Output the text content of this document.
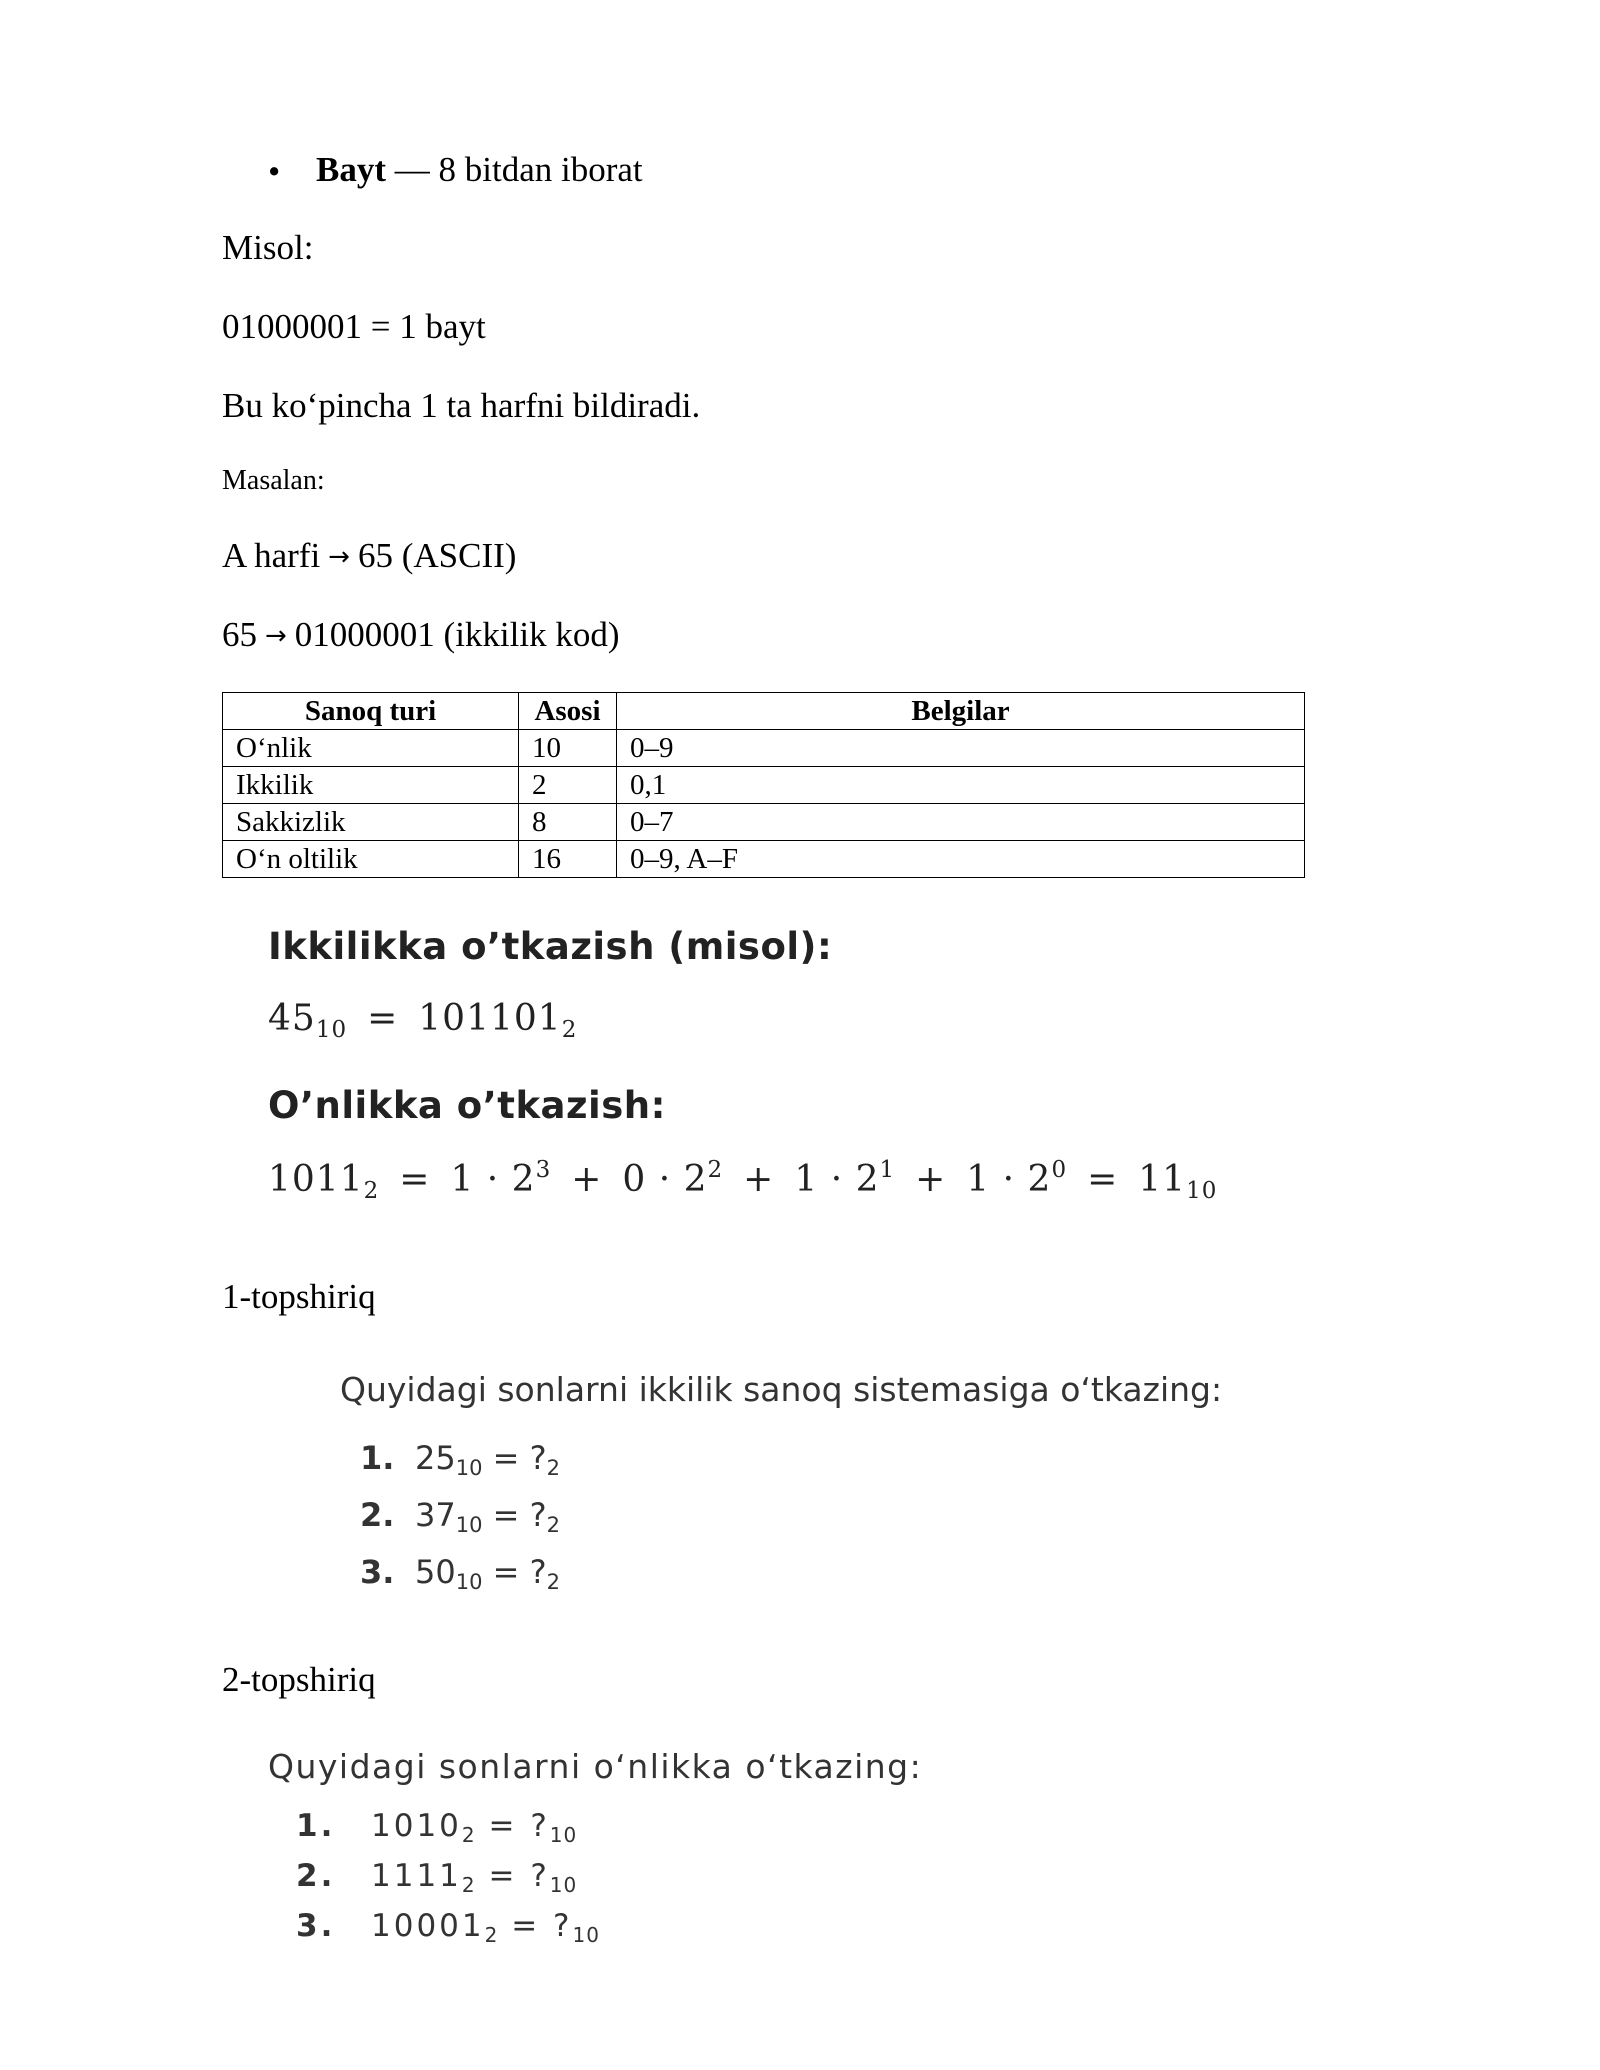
• Bayt — 8 bitdan iborat
Misol:
01000001 = 1 bayt
Bu ko‘pincha 1 ta harfni bildiradi.
Masalan:
A harfi → 65 (ASCII)
65 → 01000001 (ikkilik kod)
Sanoq turi	Asosi	Belgilar
O‘nlik	10	0–9
Ikkilik	2	0,1
Sakkizlik	8	0–7
O‘n oltilik	16	0–9, A–F
Ikkilikka o’tkazish (misol):
$45_{10} = 101101_2$
O’nlikka o’tkazish:
$1011_2 = 1 \cdot 2^3 + 0 \cdot 2^2 + 1 \cdot 2^1 + 1 \cdot 2^0 = 11_{10}$
1-topshiriq
Quyidagi sonlarni ikkilik sanoq sistemasiga o‘tkazing:
1. $25_{10}$ = $?_2$
2. $37_{10}$ = $?_2$
3. $50_{10}$ = $?_2$
2-topshiriq
Quyidagi sonlarni o‘nlikka o‘tkazing:
1. $1010_2$ = $?_{10}$
2. $1111_2$ = $?_{10}$
3. $10001_2$ = $?_{10}$
